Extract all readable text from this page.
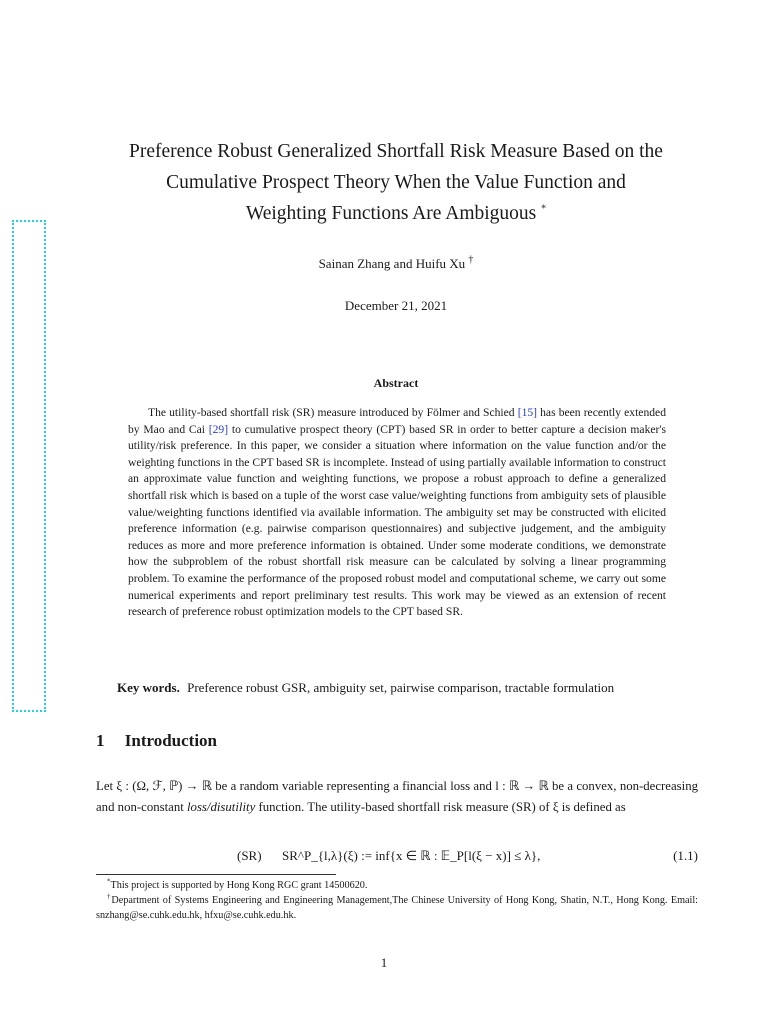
Preference Robust Generalized Shortfall Risk Measure Based on the
Cumulative Prospect Theory When the Value Function and
Weighting Functions Are Ambiguous *
Sainan Zhang and Huifu Xu †
December 21, 2021
Abstract
The utility-based shortfall risk (SR) measure introduced by Fölmer and Schied [15] has been recently extended by Mao and Cai [29] to cumulative prospect theory (CPT) based SR in order to better capture a decision maker's utility/risk preference. In this paper, we consider a situation where information on the value function and/or the weighting functions in the CPT based SR is incomplete. Instead of using partially available information to construct an approximate value function and weighting functions, we propose a robust approach to define a generalized shortfall risk which is based on a tuple of the worst case value/weighting functions from ambiguity sets of plausible value/weighting functions identified via available information. The ambiguity set may be constructed with elicited preference information (e.g. pairwise comparison questionnaires) and subjective judgement, and the ambiguity reduces as more and more preference information is obtained. Under some moderate conditions, we demonstrate how the subproblem of the robust shortfall risk measure can be calculated by solving a linear programming problem. To examine the performance of the proposed robust model and computational scheme, we carry out some numerical experiments and report preliminary test results. This work may be viewed as an extension of recent research of preference robust optimization models to the CPT based SR.
Key words. Preference robust GSR, ambiguity set, pairwise comparison, tractable formulation
1 Introduction
Let ξ : (Ω, ℱ, ℙ) → ℝ be a random variable representing a financial loss and l : ℝ → ℝ be a convex, non-decreasing and non-constant loss/disutility function. The utility-based shortfall risk measure (SR) of ξ is defined as
(SR) SR^P_{l,λ}(ξ) := inf{x ∈ ℝ : 𝔼_P[l(ξ − x)] ≤ λ},	(1.1)
*This project is supported by Hong Kong RGC grant 14500620.
†Department of Systems Engineering and Engineering Management,The Chinese University of Hong Kong, Shatin, N.T., Hong Kong. Email: snzhang@se.cuhk.edu.hk, hfxu@se.cuhk.edu.hk.
1
